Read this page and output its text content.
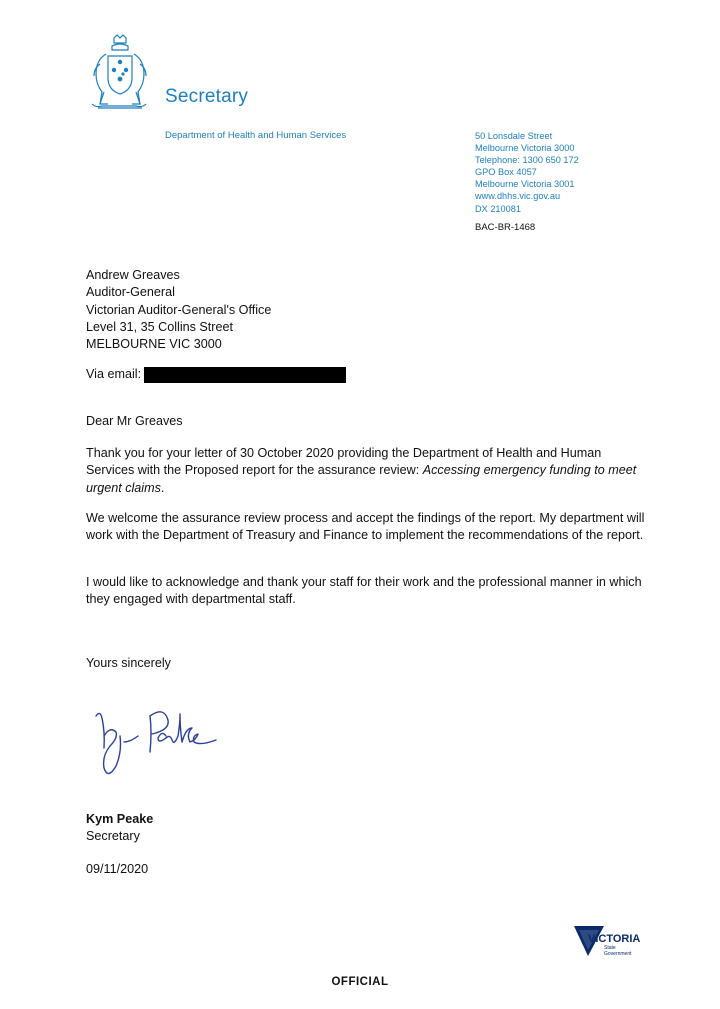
Secretary
Department of Health and Human Services	50 Lonsdale Street
Melbourne Victoria 3000
Telephone: 1300 650 172
GPO Box 4057
Melbourne Victoria 3001
www.dhhs.vic.gov.au
DX 210081
BAC-BR-1468
Andrew Greaves
Auditor-General
Victorian Auditor-General's Office
Level 31, 35 Collins Street
MELBOURNE VIC 3000
Via email:
Dear Mr Greaves
Thank you for your letter of 30 October 2020 providing the Department of Health and Human Services with the Proposed report for the assurance review: Accessing emergency funding to meet urgent claims.
We welcome the assurance review process and accept the findings of the report. My department will work with the Department of Treasury and Finance to implement the recommendations of the report.
I would like to acknowledge and thank your staff for their work and the professional manner in which they engaged with departmental staff.
Yours sincerely
Kym Peake
Secretary
09/11/2020
VICTORIA
State
Government
OFFICIAL
